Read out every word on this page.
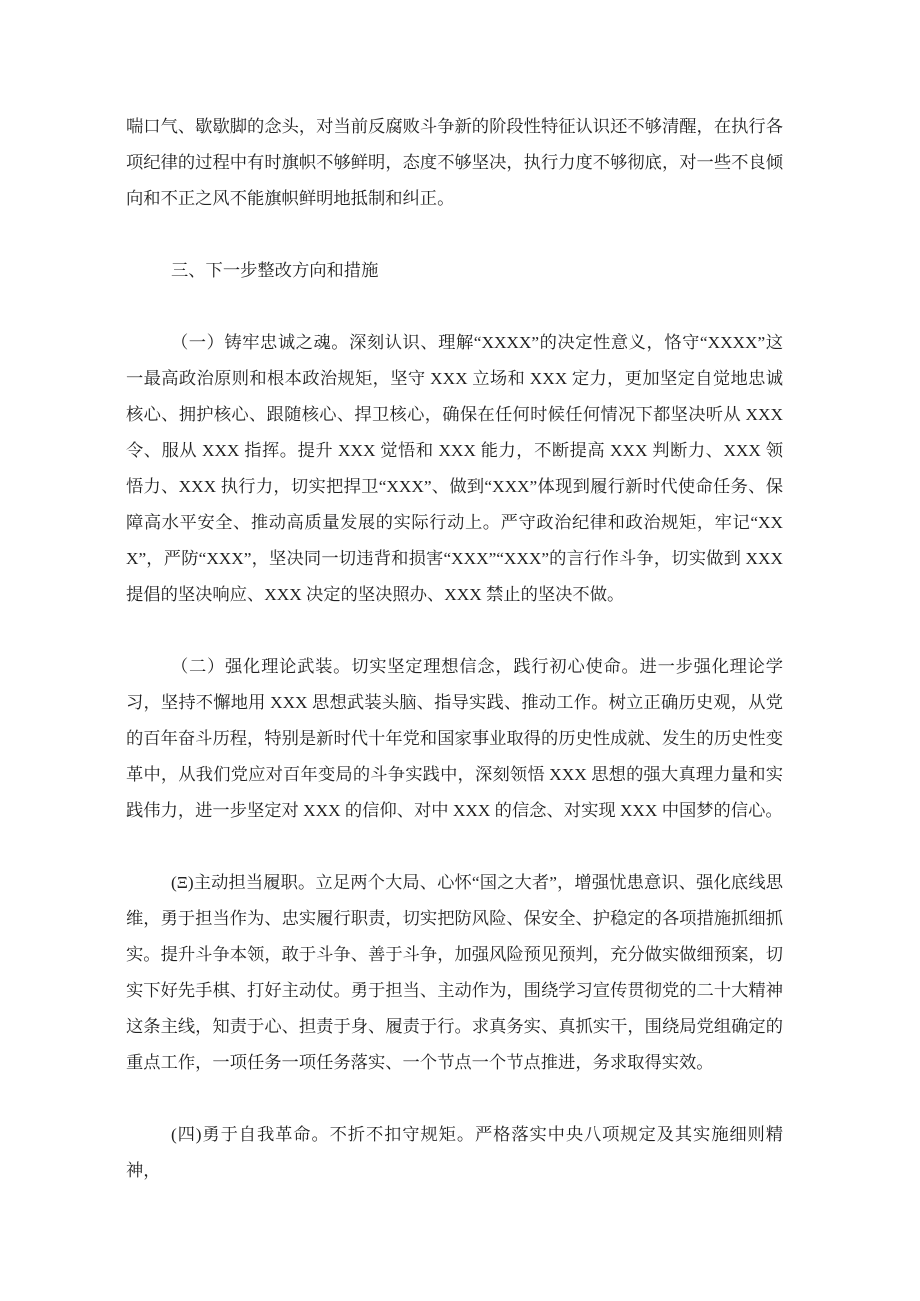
喘口气、歇歇脚的念头，对当前反腐败斗争新的阶段性特征认识还不够清醒，在执行各项纪律的过程中有时旗帜不够鲜明，态度不够坚决，执行力度不够彻底，对一些不良倾向和不正之风不能旗帜鲜明地抵制和纠正。

三、下一步整改方向和措施

（一）铸牢忠诚之魂。深刻认识、理解“XXXX”的决定性意义，恪守“XXXX”这一最高政治原则和根本政治规矩，坚守 XXX 立场和 XXX 定力，更加坚定自觉地忠诚核心、拥护核心、跟随核心、捍卫核心，确保在任何时候任何情况下都坚决听从 XXX 令、服从 XXX 指挥。提升 XXX 觉悟和 XXX 能力，不断提高 XXX 判断力、XXX 领悟力、XXX 执行力，切实把捍卫“XXX”、做到“XXX”体现到履行新时代使命任务、保障高水平安全、推动高质量发展的实际行动上。严守政治纪律和政治规矩，牢记“XXX”，严防“XXX”，坚决同一切违背和损害“XXX”“XXX”的言行作斗争，切实做到 XXX 提倡的坚决响应、XXX 决定的坚决照办、XXX 禁止的坚决不做。

（二）强化理论武装。切实坚定理想信念，践行初心使命。进一步强化理论学习，坚持不懈地用 XXX 思想武装头脑、指导实践、推动工作。树立正确历史观，从党的百年奋斗历程，特别是新时代十年党和国家事业取得的历史性成就、发生的历史性变革中，从我们党应对百年变局的斗争实践中，深刻领悟 XXX 思想的强大真理力量和实践伟力，进一步坚定对 XXX 的信仰、对中 XXX 的信念、对实现 XXX 中国梦的信心。

(Ξ)主动担当履职。立足两个大局、心怀“国之大者”，增强忧患意识、强化底线思维，勇于担当作为、忠实履行职责，切实把防风险、保安全、护稳定的各项措施抓细抓实。提升斗争本领，敢于斗争、善于斗争，加强风险预见预判，充分做实做细预案，切实下好先手棋、打好主动仗。勇于担当、主动作为，围绕学习宣传贯彻党的二十大精神这条主线，知责于心、担责于身、履责于行。求真务实、真抓实干，围绕局党组确定的重点工作，一项任务一项任务落实、一个节点一个节点推进，务求取得实效。

(四)勇于自我革命。不折不扣守规矩。严格落实中央八项规定及其实施细则精神，
